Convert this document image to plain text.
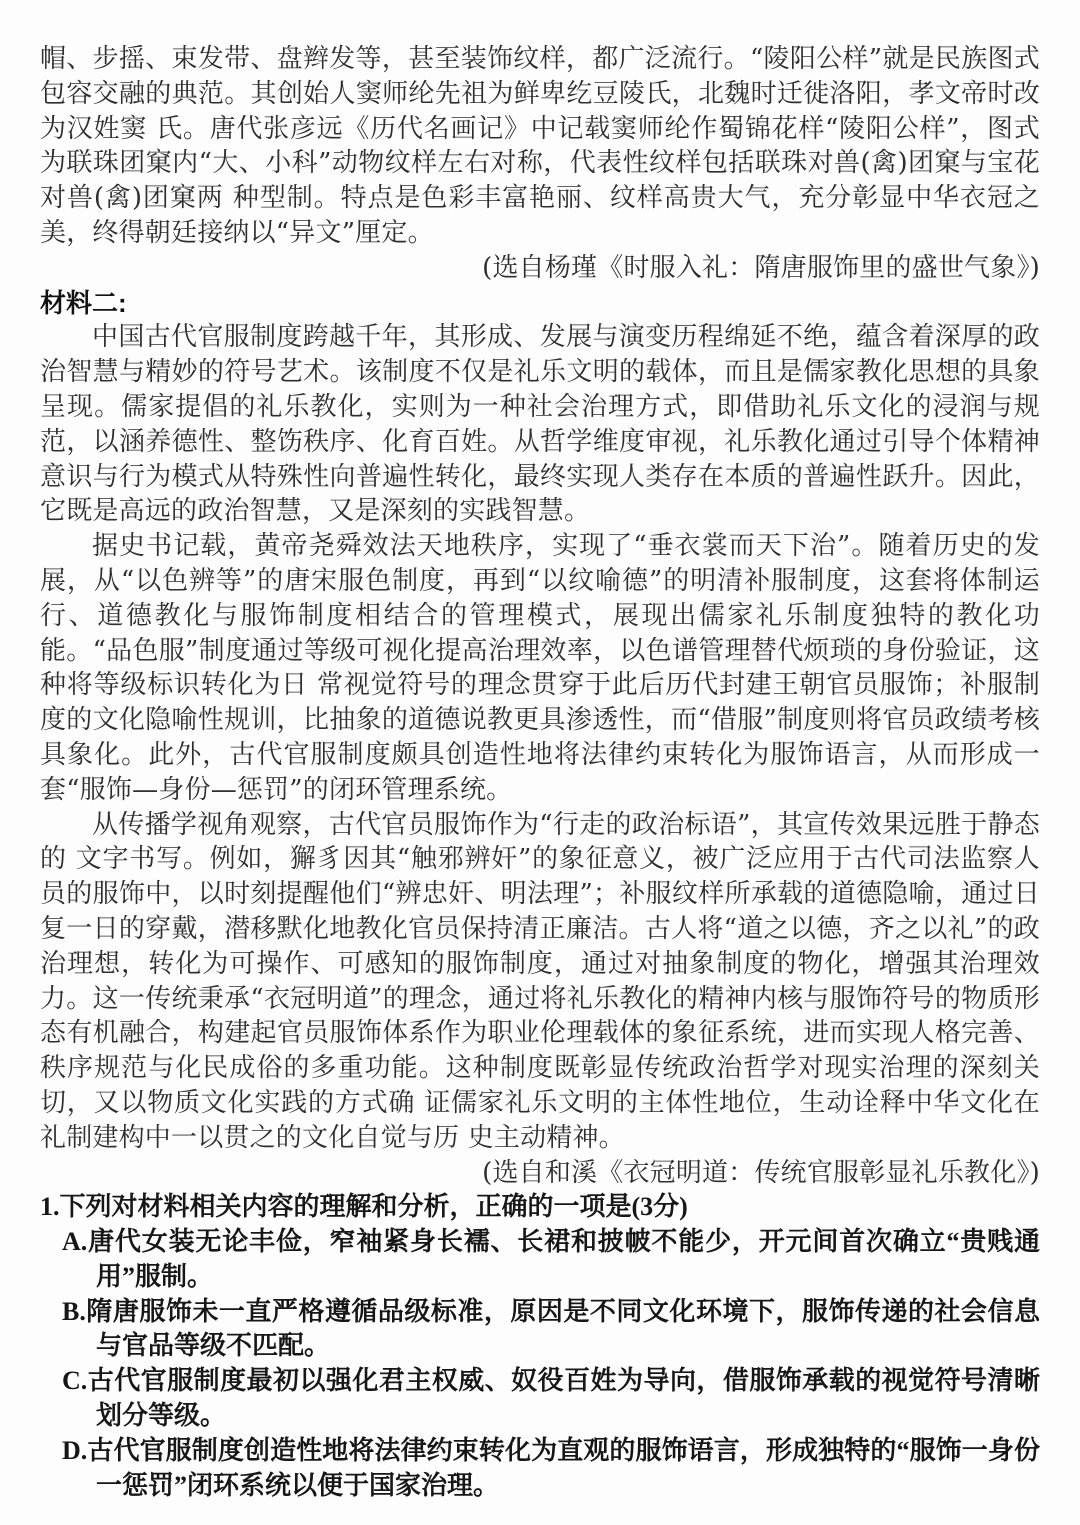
帽、步摇、束发带、盘辫发等，甚至装饰纹样，都广泛流行。“陵阳公样”就是民族图式包容交融的典范。其创始人窦师纶先祖为鲜卑纥豆陵氏，北魏时迁徙洛阳，孝文帝时改为汉姓窦 氏。唐代张彦远《历代名画记》中记载窦师纶作蜀锦花样“陵阳公样”，图式为联珠团窠内“大、小科”动物纹样左右对称，代表性纹样包括联珠对兽(禽)团窠与宝花对兽(禽)团窠两 种型制。特点是色彩丰富艳丽、纹样高贵大气，充分彰显中华衣冠之美，终得朝廷接纳以“异文”厘定。
(选自杨瑾《时服入礼：隋唐服饰里的盛世气象》)
材料二:
中国古代官服制度跨越千年，其形成、发展与演变历程绵延不绝，蕴含着深厚的政治智慧与精妙的符号艺术。该制度不仅是礼乐文明的载体，而且是儒家教化思想的具象呈现。儒家提倡的礼乐教化，实则为一种社会治理方式，即借助礼乐文化的浸润与规范，以涵养德性、整饬秩序、化育百姓。从哲学维度审视，礼乐教化通过引导个体精神意识与行为模式从特殊性向普遍性转化，最终实现人类存在本质的普遍性跃升。因此，它既是高远的政治智慧，又是深刻的实践智慧。
据史书记载，黄帝尧舜效法天地秩序，实现了“垂衣裳而天下治”。随着历史的发展，从“以色辨等”的唐宋服色制度，再到“以纹喻德”的明清补服制度，这套将体制运行、道德教化与服饰制度相结合的管理模式，展现出儒家礼乐制度独特的教化功能。“品色服”制度通过等级可视化提高治理效率，以色谱管理替代烦琐的身份验证，这种将等级标识转化为日 常视觉符号的理念贯穿于此后历代封建王朝官员服饰；补服制度的文化隐喻性规训，比抽象的道德说教更具渗透性，而“借服”制度则将官员政绩考核具象化。此外，古代官服制度颇具创造性地将法律约束转化为服饰语言，从而形成一套“服饰—身份—惩罚”的闭环管理系统。
从传播学视角观察，古代官员服饰作为“行走的政治标语”，其宣传效果远胜于静态的 文字书写。例如，獬豸因其“触邪辨奸”的象征意义，被广泛应用于古代司法监察人员的服饰中，以时刻提醒他们“辨忠奸、明法理”；补服纹样所承载的道德隐喻，通过日复一日的穿戴，潜移默化地教化官员保持清正廉洁。古人将“道之以德，齐之以礼”的政治理想，转化为可操作、可感知的服饰制度，通过对抽象制度的物化，增强其治理效力。这一传统秉承“衣冠明道”的理念，通过将礼乐教化的精神内核与服饰符号的物质形态有机融合，构建起官员服饰体系作为职业伦理载体的象征系统，进而实现人格完善、秩序规范与化民成俗的多重功能。这种制度既彰显传统政治哲学对现实治理的深刻关切，又以物质文化实践的方式确 证儒家礼乐文明的主体性地位，生动诠释中华文化在礼制建构中一以贯之的文化自觉与历 史主动精神。
(选自和溪《衣冠明道：传统官服彰显礼乐教化》)
1.下列对材料相关内容的理解和分析，正确的一项是(3分)
A.唐代女装无论丰俭，窄袖紧身长襦、长裙和披帔不能少，开元间首次确立“贵贱通用”服制。
B.隋唐服饰未一直严格遵循品级标准，原因是不同文化环境下，服饰传递的社会信息与官品等级不匹配。
C.古代官服制度最初以强化君主权威、奴役百姓为导向，借服饰承载的视觉符号清晰划分等级。
D.古代官服制度创造性地将法律约束转化为直观的服饰语言，形成独特的“服饰一身份一惩罚”闭环系统以便于国家治理。
